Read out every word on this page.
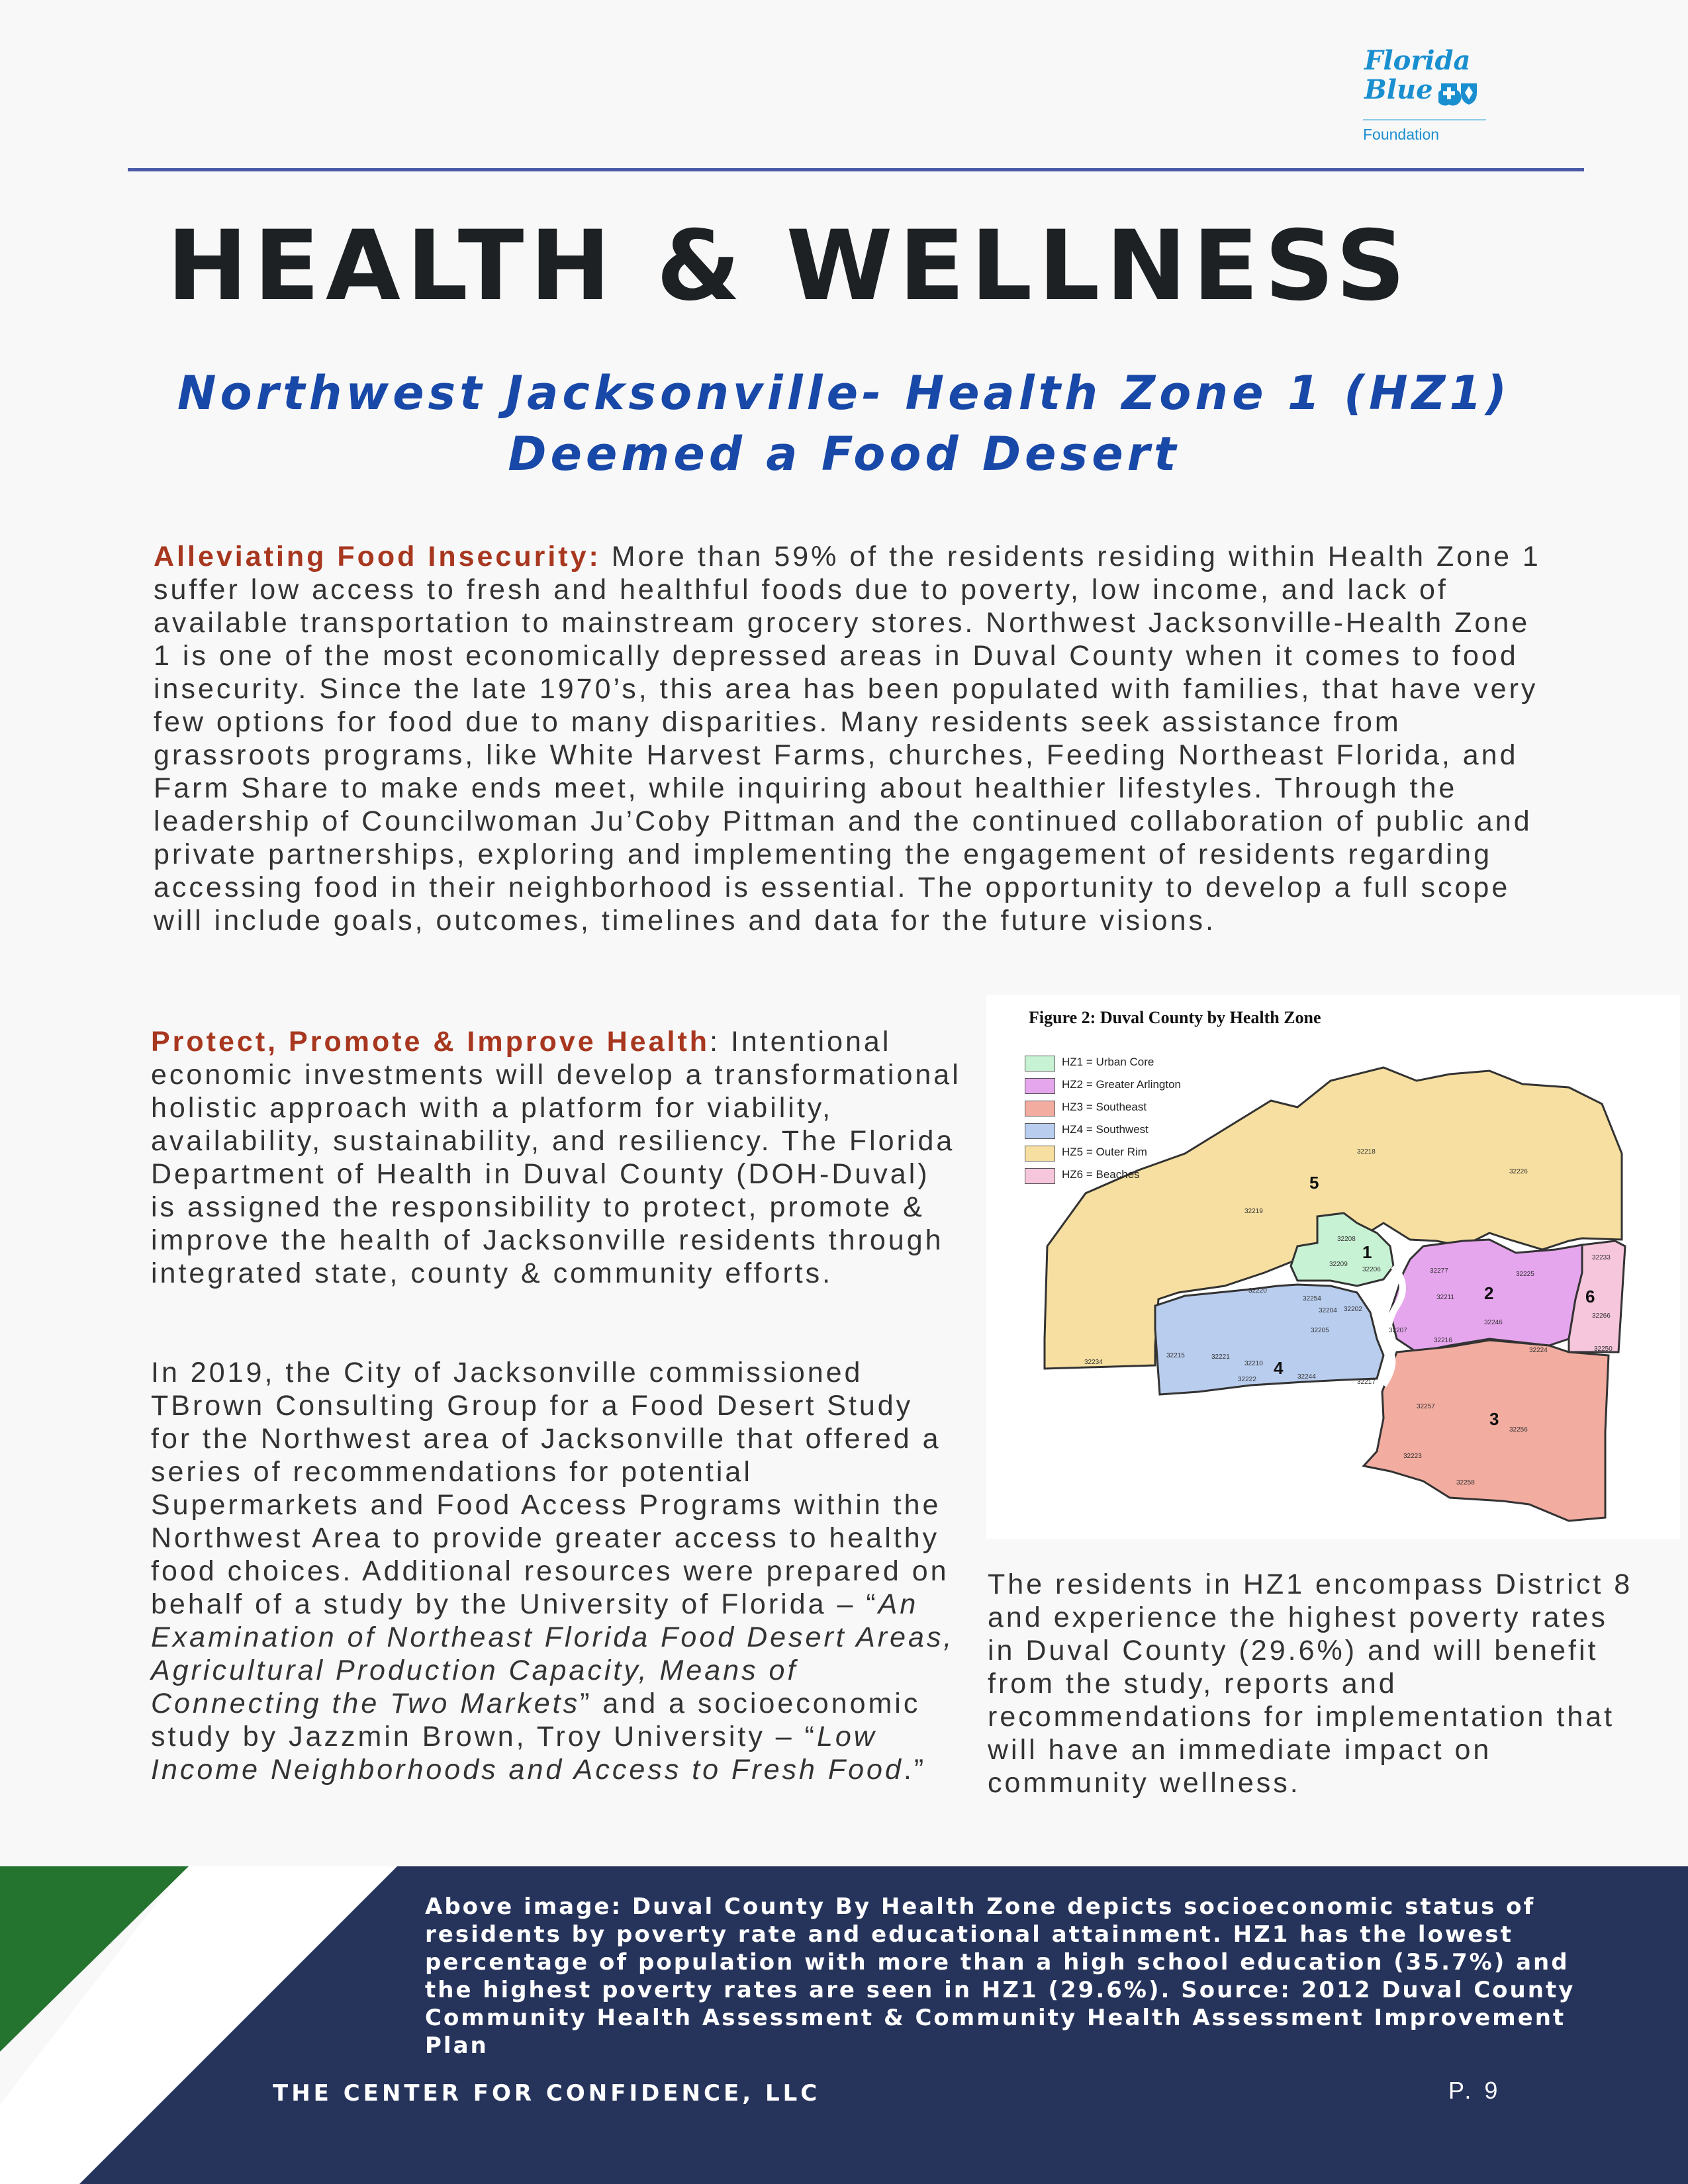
Florida
Blue
Foundation
HEALTH & WELLNESS
Northwest Jacksonville- Health Zone 1 (HZ1)
Deemed a Food Desert
Alleviating Food Insecurity: More than 59% of the residents residing within Health Zone 1 suffer low access to fresh and healthful foods due to poverty, low income, and lack of available transportation to mainstream grocery stores. Northwest Jacksonville-Health Zone 1 is one of the most economically depressed areas in Duval County when it comes to food insecurity. Since the late 1970’s, this area has been populated with families, that have very few options for food due to many disparities. Many residents seek assistance from grassroots programs, like White Harvest Farms, churches, Feeding Northeast Florida, and Farm Share to make ends meet, while inquiring about healthier lifestyles. Through the leadership of Councilwoman Ju’Coby Pittman and the continued collaboration of public and private partnerships, exploring and implementing the engagement of residents regarding accessing food in their neighborhood is essential. The opportunity to develop a full scope will include goals, outcomes, timelines and data for the future visions.
Protect, Promote & Improve Health: Intentional economic investments will develop a transformational holistic approach with a platform for viability, availability, sustainability, and resiliency. The Florida Department of Health in Duval County (DOH-Duval) is assigned the responsibility to protect, promote & improve the health of Jacksonville residents through integrated state, county & community efforts.
In 2019, the City of Jacksonville commissioned TBrown Consulting Group for a Food Desert Study for the Northwest area of Jacksonville that offered a series of recommendations for potential Supermarkets and Food Access Programs within the Northwest Area to provide greater access to healthy food choices. Additional resources were prepared on behalf of a study by the University of Florida – “An Examination of Northeast Florida Food Desert Areas, Agricultural Production Capacity, Means of Connecting the Two Markets” and a socioeconomic study by Jazzmin Brown, Troy University – “Low Income Neighborhoods and Access to Fresh Food.”
1
2
3
4
5
6
32218
32226
32219
32208
32209
32206
32220
32254
32202
32204
32205
32277	32225
32233
32211
32246
32266
32207
32216
32250
32224
32234
32215	32221
32210
32244
32222	32217
32257
32256
32223
32258
Figure 2: Duval County by Health Zone
HZ1 = Urban Core
HZ2 = Greater Arlington
HZ3 = Southeast
HZ4 = Southwest
HZ5 = Outer Rim
HZ6 = Beaches
The residents in HZ1 encompass District 8 and experience the highest poverty rates in Duval County (29.6%) and will benefit from the study, reports and recommendations for implementation that will have an immediate impact on community wellness.
Above image: Duval County By Health Zone depicts socioeconomic status of residents by poverty rate and educational attainment. HZ1 has the lowest percentage of population with more than a high school education (35.7%) and the highest poverty rates are seen in HZ1 (29.6%). Source: 2012 Duval County Community Health Assessment & Community Health Assessment Improvement Plan
THE CENTER FOR CONFIDENCE, LLC	P. 9
